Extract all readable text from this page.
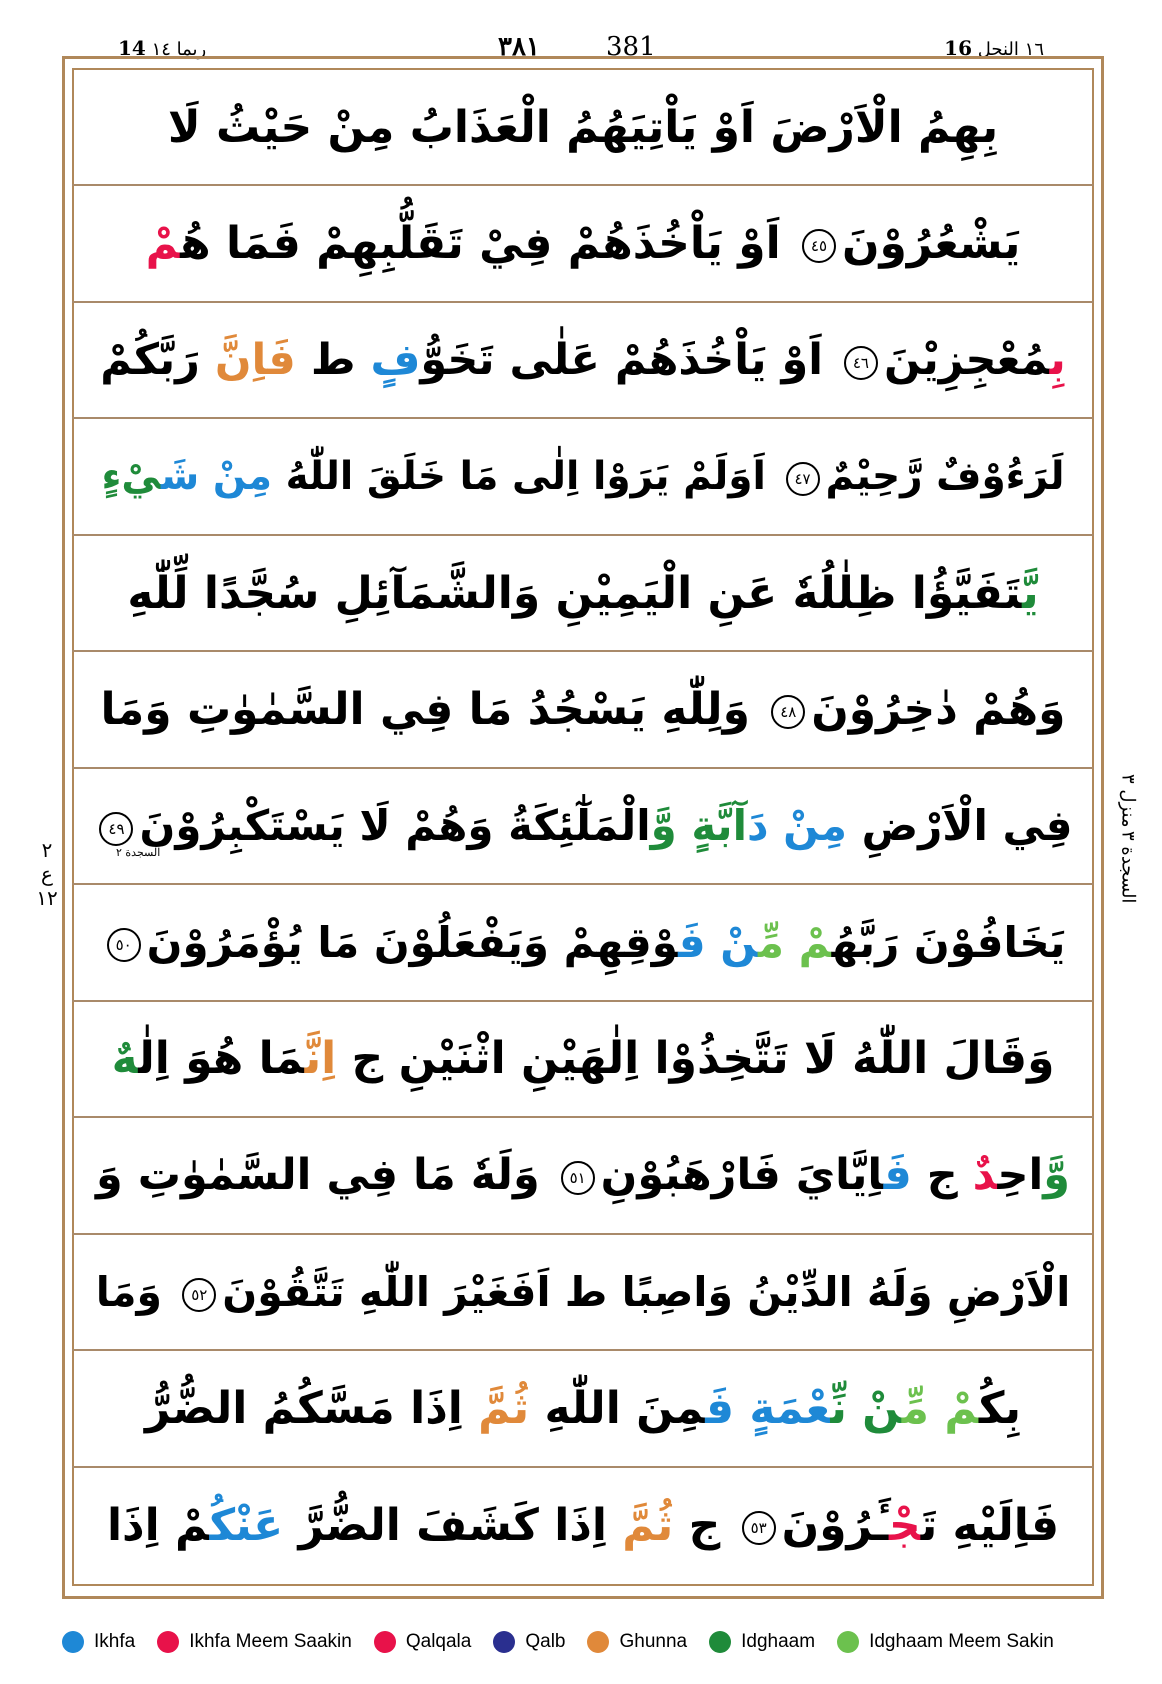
14 ربما ١٤	٣٨١	381	١٦ النحل 16
بِهِمُ الْاَرْضَ اَوْ يَاْتِيَهُمُ الْعَذَابُ مِنْ حَيْثُ لَا
يَشْعُرُوْنَ٤٥ اَوْ يَاْخُذَهُمْ فِيْ تَقَلُّبِهِمْ فَمَا هُمْ
بِمُعْجِزِيْنَ٤٦ اَوْ يَاْخُذَهُمْ عَلٰى تَخَوُّفٍ ط فَاِنَّ رَبَّكُمْ
لَرَءُوْفٌ رَّحِيْمٌ٤٧ اَوَلَمْ يَرَوْا اِلٰى مَا خَلَقَ اللّٰهُ مِنْ شَيْءٍ
يَّتَفَيَّؤُا ظِلٰلُهٗ عَنِ الْيَمِيْنِ وَالشَّمَآئِلِ سُجَّدًا لِّلّٰهِ
وَهُمْ دٰخِرُوْنَ٤٨ وَلِلّٰهِ يَسْجُدُ مَا فِي السَّمٰوٰتِ وَمَا
فِي الْاَرْضِ مِنْ دَآبَّةٍ وَّالْمَلٰٓئِكَةُ وَهُمْ لَا يَسْتَكْبِرُوْنَ٤٩
يَخَافُوْنَ رَبَّهُمْ مِّنْ فَوْقِهِمْ وَيَفْعَلُوْنَ مَا يُؤْمَرُوْنَ٥٠
وَقَالَ اللّٰهُ لَا تَتَّخِذُوْا اِلٰهَيْنِ اثْنَيْنِ ج اِنَّمَا هُوَ اِلٰهٌ
وَّاحِدٌ ج فَاِيَّايَ فَارْهَبُوْنِ٥١ وَلَهٗ مَا فِي السَّمٰوٰتِ وَ
الْاَرْضِ وَلَهُ الدِّيْنُ وَاصِبًا ط اَفَغَيْرَ اللّٰهِ تَتَّقُوْنَ٥٢ وَمَا
بِكُمْ مِّنْ نِّعْمَةٍ فَمِنَ اللّٰهِ ثُمَّ اِذَا مَسَّكُمُ الضُّرُّ
فَاِلَيْهِ تَجْـَٔرُوْنَ٥٣ ج ثُمَّ اِذَا كَشَفَ الضُّرَّ عَنْكُمْ اِذَا
السجدة ٢
٢
ع
١٢
منزل ٣
السجدة ٣
Ikhfa	Ikhfa Meem Saakin	Qalqala	Qalb	Ghunna	Idghaam	Idghaam Meem Sakin
